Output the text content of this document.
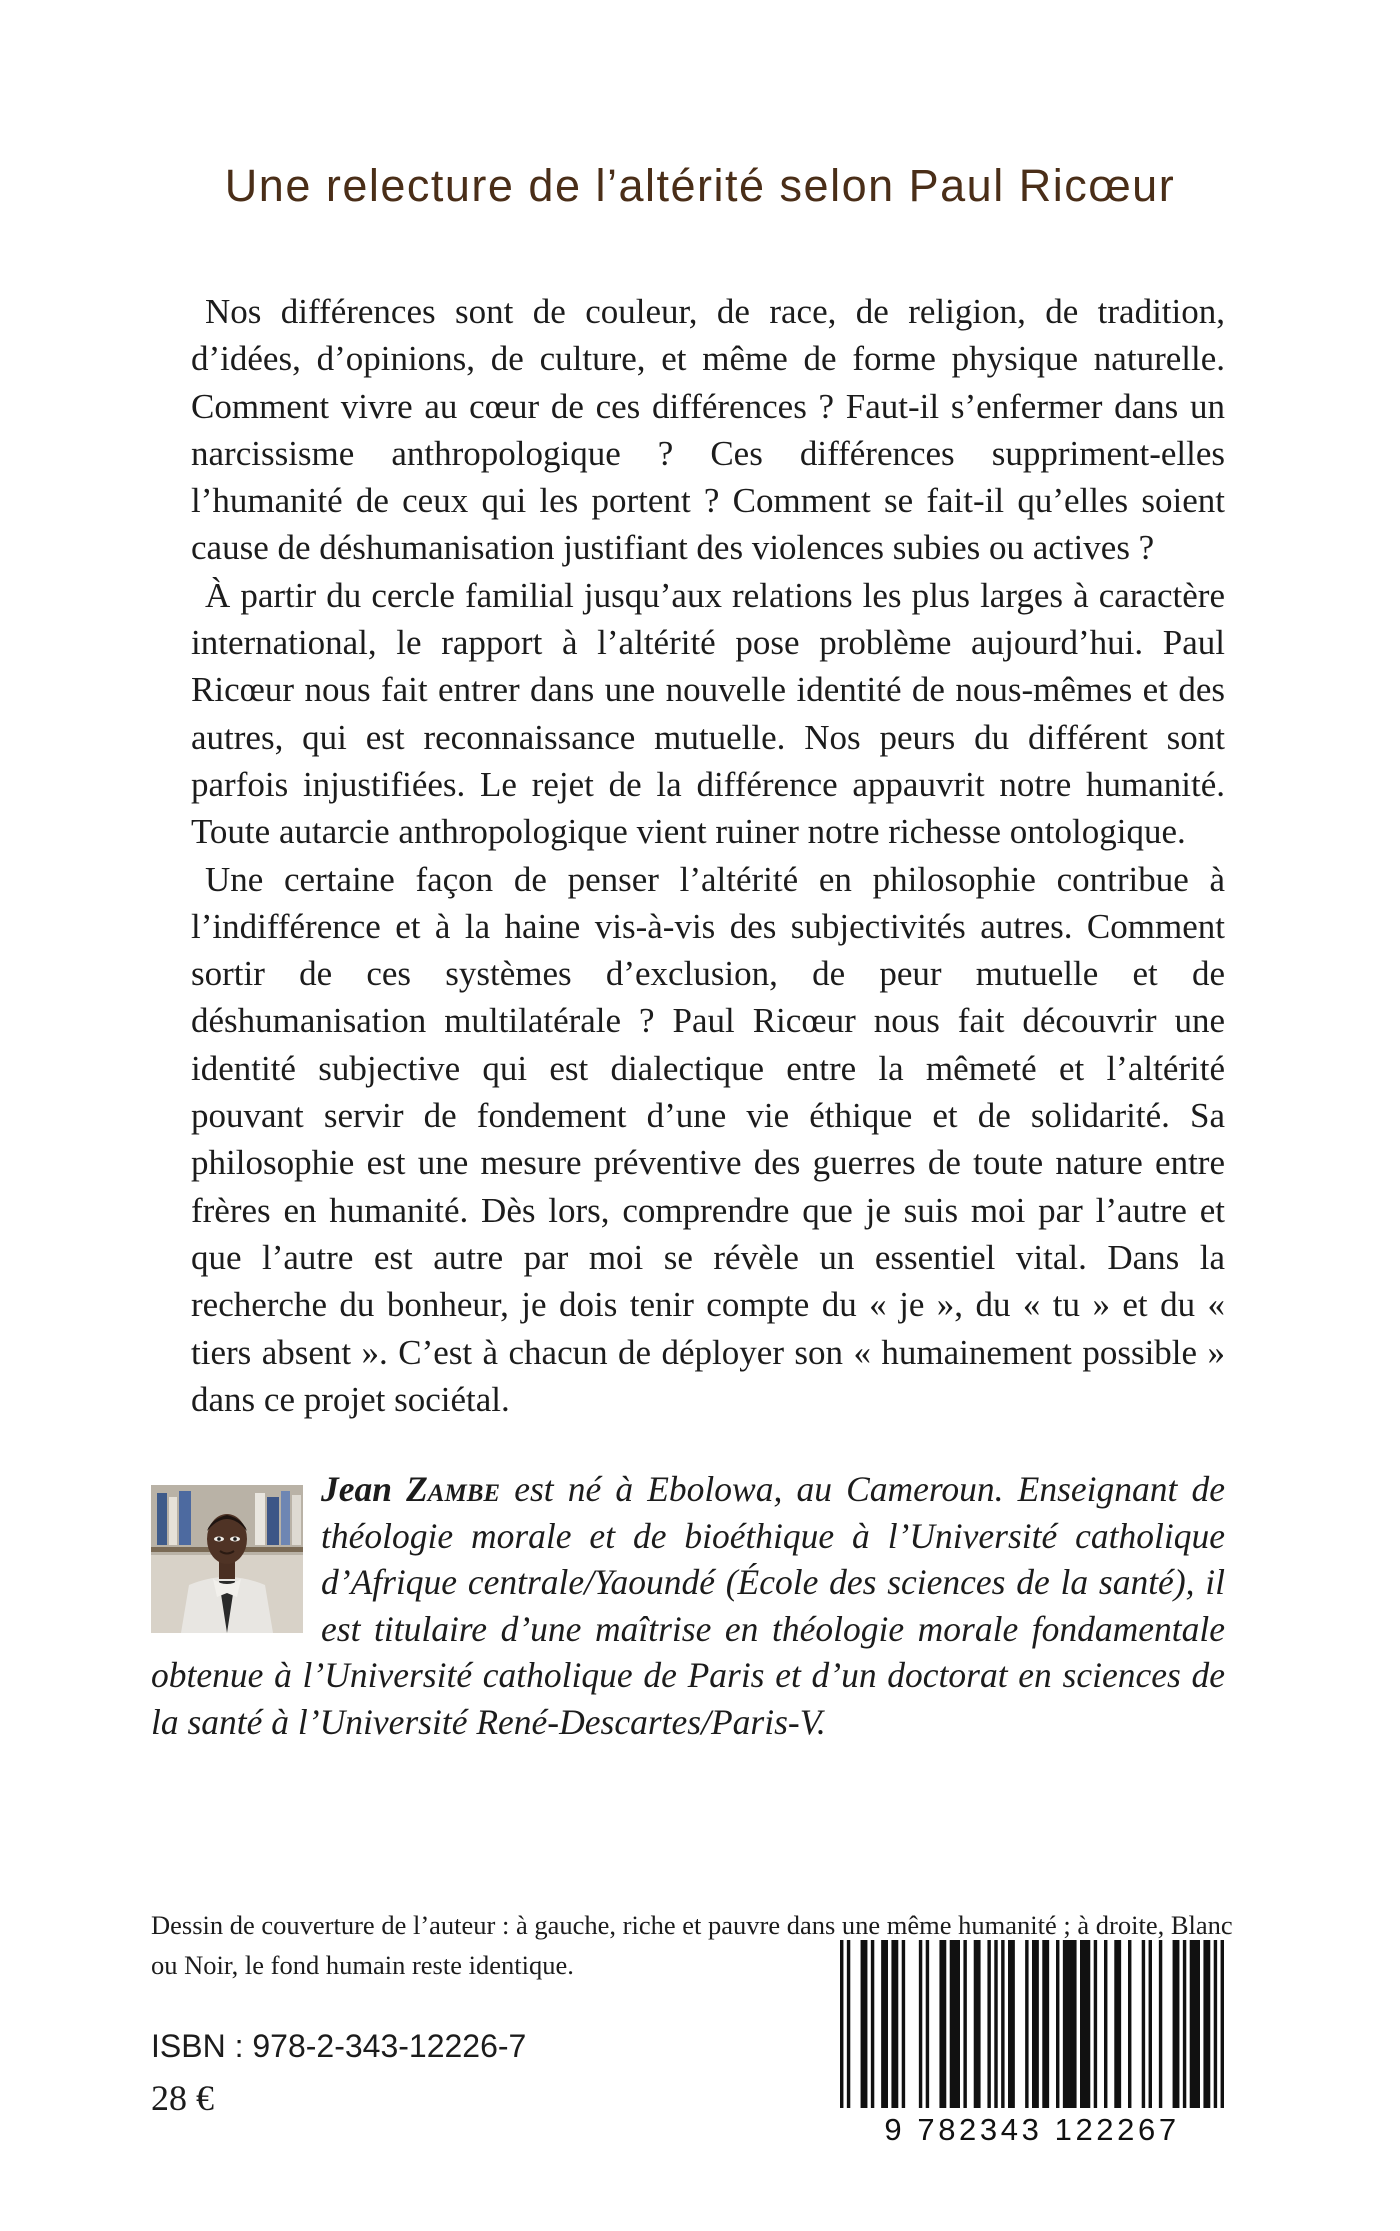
Une relecture de l’altérité selon Paul Ricœur

Nos différences sont de couleur, de race, de religion, de tradition, d’idées, d’opinions, de culture, et même de forme physique naturelle. Comment vivre au cœur de ces différences ? Faut-il s’enfermer dans un narcissisme anthropologique ? Ces différences suppriment-elles l’humanité de ceux qui les portent ? Comment se fait-il qu’elles soient cause de déshumanisation justifiant des violences subies ou actives ?

À partir du cercle familial jusqu’aux relations les plus larges à caractère international, le rapport à l’altérité pose problème aujourd’hui. Paul Ricœur nous fait entrer dans une nouvelle identité de nous-mêmes et des autres, qui est reconnaissance mutuelle. Nos peurs du différent sont parfois injustifiées. Le rejet de la différence appauvrit notre humanité. Toute autarcie anthropologique vient ruiner notre richesse ontologique.

Une certaine façon de penser l’altérité en philosophie contribue à l’indifférence et à la haine vis-à-vis des subjectivités autres. Comment sortir de ces systèmes d’exclusion, de peur mutuelle et de déshumanisation multilatérale ? Paul Ricœur nous fait découvrir une identité subjective qui est dialectique entre la mêmeté et l’altérité pouvant servir de fondement d’une vie éthique et de solidarité. Sa philosophie est une mesure préventive des guerres de toute nature entre frères en humanité. Dès lors, comprendre que je suis moi par l’autre et que l’autre est autre par moi se révèle un essentiel vital. Dans la recherche du bonheur, je dois tenir compte du « je », du « tu » et du « tiers absent ». C’est à chacun de déployer son « humainement possible » dans ce projet sociétal.

Jean Zambe est né à Ebolowa, au Cameroun. Enseignant de théologie morale et de bioéthique à l’Université catholique d’Afrique centrale/Yaoundé (École des sciences de la santé), il est titulaire d’une maîtrise en théologie morale fondamentale obtenue à l’Université catholique de Paris et d’un doctorat en sciences de la santé à l’Université René-Descartes/Paris-V.
Dessin de couverture de l’auteur : à gauche, riche et pauvre dans une même humanité ; à droite, Blanc ou Noir, le fond humain reste identique.
ISBN : 978-2-343-12226-7
28 €
9 782343 122267
